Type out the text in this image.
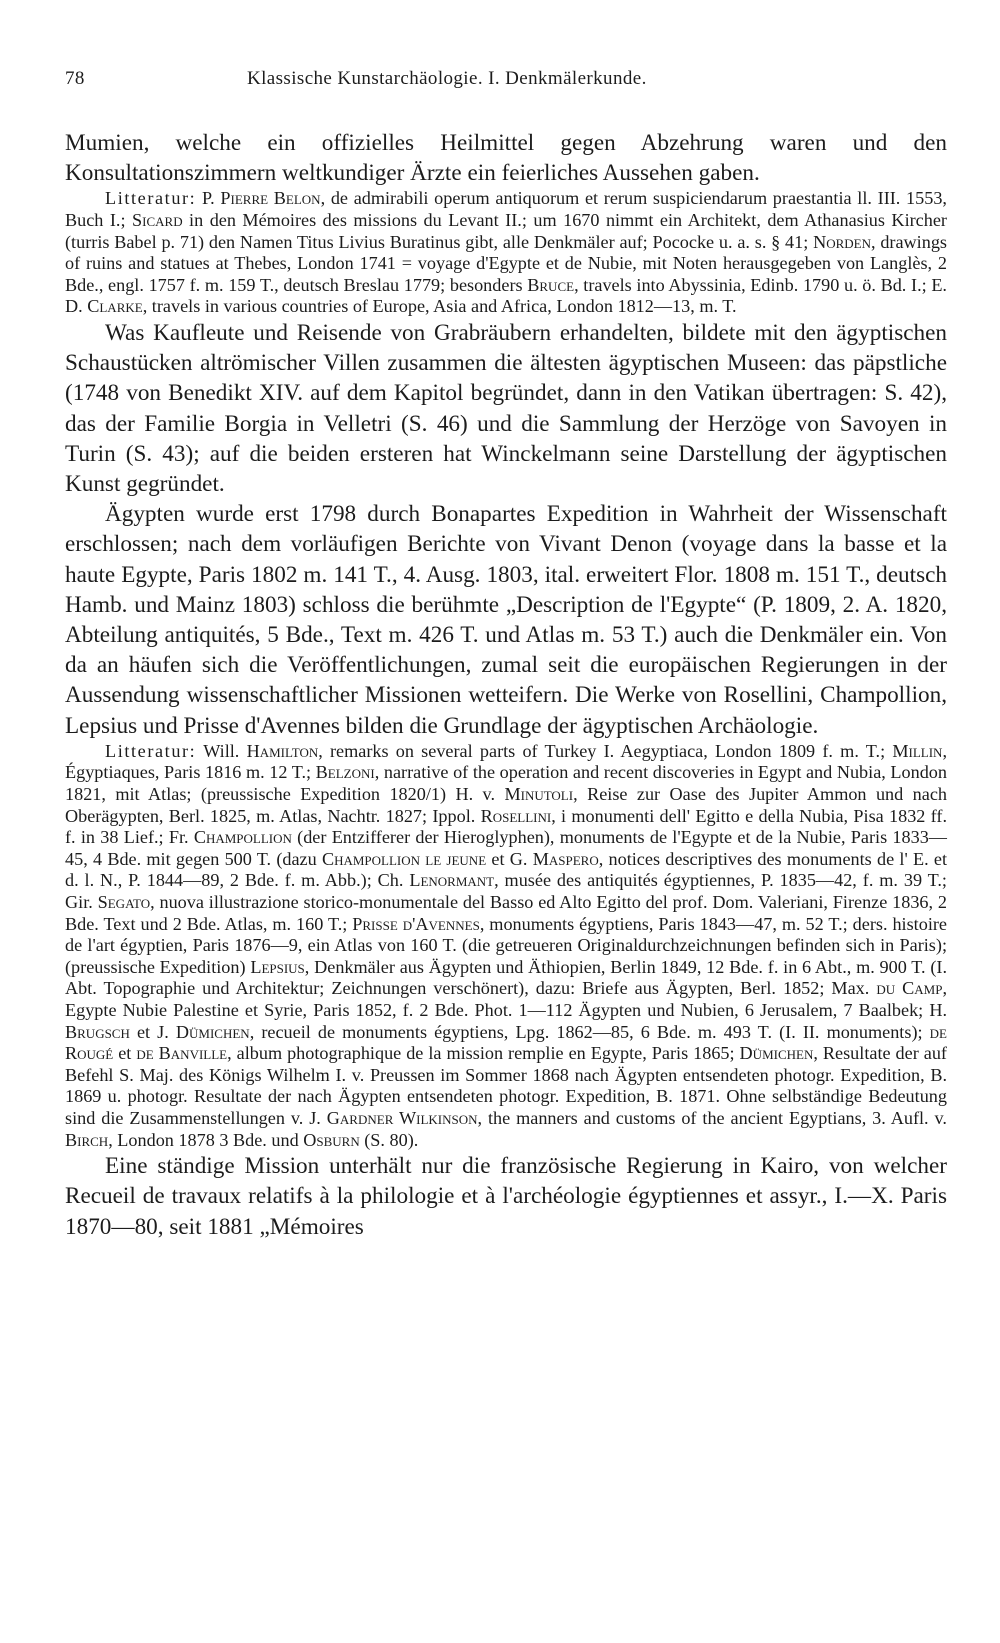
78	Klassische Kunstarchäologie. I. Denkmälerkunde.

Mumien, welche ein offizielles Heilmittel gegen Abzehrung waren und den Konsultationszimmern weltkundiger Ärzte ein feierliches Aussehen gaben.

Litteratur: P. Pierre Belon, de admirabili operum antiquorum et rerum suspiciendarum praestantia ll. III. 1553, Buch I.; Sicard in den Mémoires des missions du Levant II.; um 1670 nimmt ein Architekt, dem Athanasius Kircher (turris Babel p. 71) den Namen Titus Livius Buratinus gibt, alle Denkmäler auf; Pococke u. a. s. § 41; Norden, drawings of ruins and statues at Thebes, London 1741 = voyage d'Egypte et de Nubie, mit Noten herausgegeben von Langlès, 2 Bde., engl. 1757 f. m. 159 T., deutsch Breslau 1779; besonders Bruce, travels into Abyssinia, Edinb. 1790 u. ö. Bd. I.; E. D. Clarke, travels in various countries of Europe, Asia and Africa, London 1812—13, m. T.

Was Kaufleute und Reisende von Grabräubern erhandelten, bildete mit den ägyptischen Schaustücken altrömischer Villen zusammen die ältesten ägyptischen Museen: das päpstliche (1748 von Benedikt XIV. auf dem Kapitol begründet, dann in den Vatikan übertragen: S. 42), das der Familie Borgia in Velletri (S. 46) und die Sammlung der Herzöge von Savoyen in Turin (S. 43); auf die beiden ersteren hat Winckelmann seine Darstellung der ägyptischen Kunst gegründet.

Ägypten wurde erst 1798 durch Bonapartes Expedition in Wahrheit der Wissenschaft erschlossen; nach dem vorläufigen Berichte von Vivant Denon (voyage dans la basse et la haute Egypte, Paris 1802 m. 141 T., 4. Ausg. 1803, ital. erweitert Flor. 1808 m. 151 T., deutsch Hamb. und Mainz 1803) schloss die berühmte „Description de l'Egypte“ (P. 1809, 2. A. 1820, Abteilung antiquités, 5 Bde., Text m. 426 T. und Atlas m. 53 T.) auch die Denkmäler ein. Von da an häufen sich die Veröffentlichungen, zumal seit die europäischen Regierungen in der Aussendung wissenschaftlicher Missionen wetteifern. Die Werke von Rosellini, Champollion, Lepsius und Prisse d'Avennes bilden die Grundlage der ägyptischen Archäologie.

Litteratur: Will. Hamilton, remarks on several parts of Turkey I. Aegyptiaca, London 1809 f. m. T.; Millin, Égyptiaques, Paris 1816 m. 12 T.; Belzoni, narrative of the operation and recent discoveries in Egypt and Nubia, London 1821, mit Atlas; (preussische Expedition 1820/1) H. v. Minutoli, Reise zur Oase des Jupiter Ammon und nach Oberägypten, Berl. 1825, m. Atlas, Nachtr. 1827; Ippol. Rosellini, i monumenti dell' Egitto e della Nubia, Pisa 1832 ff. f. in 38 Lief.; Fr. Champollion (der Entzifferer der Hieroglyphen), monuments de l'Egypte et de la Nubie, Paris 1833—45, 4 Bde. mit gegen 500 T. (dazu Champollion le jeune et G. Maspero, notices descriptives des monuments de l' E. et d. l. N., P. 1844—89, 2 Bde. f. m. Abb.); Ch. Lenormant, musée des antiquités égyptiennes, P. 1835—42, f. m. 39 T.; Gir. Segato, nuova illustrazione storico-monumentale del Basso ed Alto Egitto del prof. Dom. Valeriani, Firenze 1836, 2 Bde. Text und 2 Bde. Atlas, m. 160 T.; Prisse d'Avennes, monuments égyptiens, Paris 1843—47, m. 52 T.; ders. histoire de l'art égyptien, Paris 1876—9, ein Atlas von 160 T. (die getreueren Originaldurchzeichnungen befinden sich in Paris); (preussische Expedition) Lepsius, Denkmäler aus Ägypten und Äthiopien, Berlin 1849, 12 Bde. f. in 6 Abt., m. 900 T. (I. Abt. Topographie und Architektur; Zeichnungen verschönert), dazu: Briefe aus Ägypten, Berl. 1852; Max. du Camp, Egypte Nubie Palestine et Syrie, Paris 1852, f. 2 Bde. Phot. 1—112 Ägypten und Nubien, 6 Jerusalem, 7 Baalbek; H. Brugsch et J. Dümichen, recueil de monuments égyptiens, Lpg. 1862—85, 6 Bde. m. 493 T. (I. II. monuments); de Rougé et de Banville, album photographique de la mission remplie en Egypte, Paris 1865; Dümichen, Resultate der auf Befehl S. Maj. des Königs Wilhelm I. v. Preussen im Sommer 1868 nach Ägypten entsendeten photogr. Expedition, B. 1869 u. photogr. Resultate der nach Ägypten entsendeten photogr. Expedition, B. 1871. Ohne selbständige Bedeutung sind die Zusammenstellungen v. J. Gardner Wilkinson, the manners and customs of the ancient Egyptians, 3. Aufl. v. Birch, London 1878 3 Bde. und Osburn (S. 80).

Eine ständige Mission unterhält nur die französische Regierung in Kairo, von welcher Recueil de travaux relatifs à la philologie et à l'archéologie égyptiennes et assyr., I.—X. Paris 1870—80, seit 1881 „Mémoires
